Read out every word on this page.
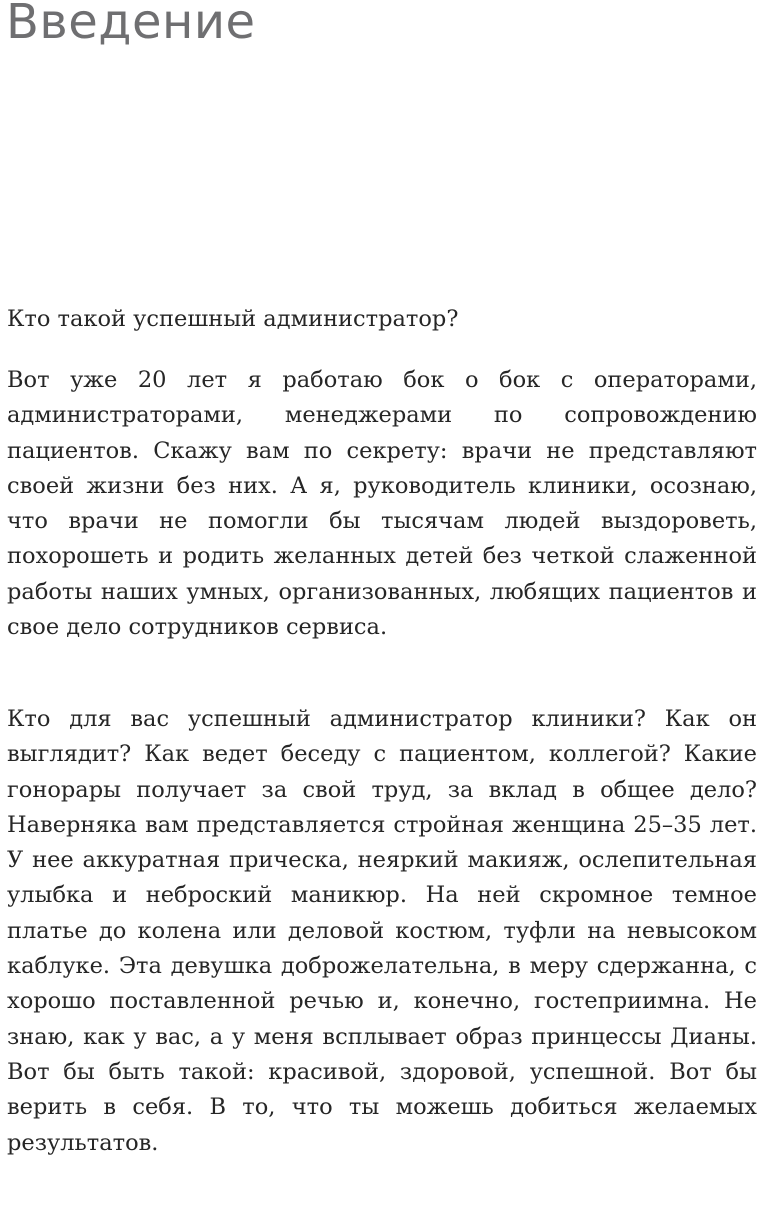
Введение

Кто такой успешный администратор?

Вот уже 20 лет я работаю бок о бок с операторами, администраторами, менеджерами по сопровождению пациентов. Скажу вам по секрету: врачи не представляют своей жизни без них. А я, руководитель клиники, осознаю, что врачи не помогли бы тысячам людей выздороветь, похорошеть и родить желанных детей без четкой слаженной работы наших умных, организованных, любящих пациентов и свое дело сотрудников сервиса.

Кто для вас успешный администратор клиники? Как он выглядит? Как ведет беседу с пациентом, коллегой? Какие гонорары получает за свой труд, за вклад в общее дело? Наверняка вам представляется стройная женщина 25–35 лет. У нее аккуратная прическа, неяркий макияж, ослепительная улыбка и неброский маникюр. На ней скромное темное платье до колена или деловой костюм, туфли на невысоком каблуке. Эта девушка доброжелательна, в меру сдержанна, с хорошо поставленной речью и, конечно, гостеприимна. Не знаю, как у вас, а у меня всплывает образ принцессы Дианы. Вот бы быть такой: красивой, здоровой, успешной. Вот бы верить в себя. В то, что ты можешь добиться желаемых результатов.
